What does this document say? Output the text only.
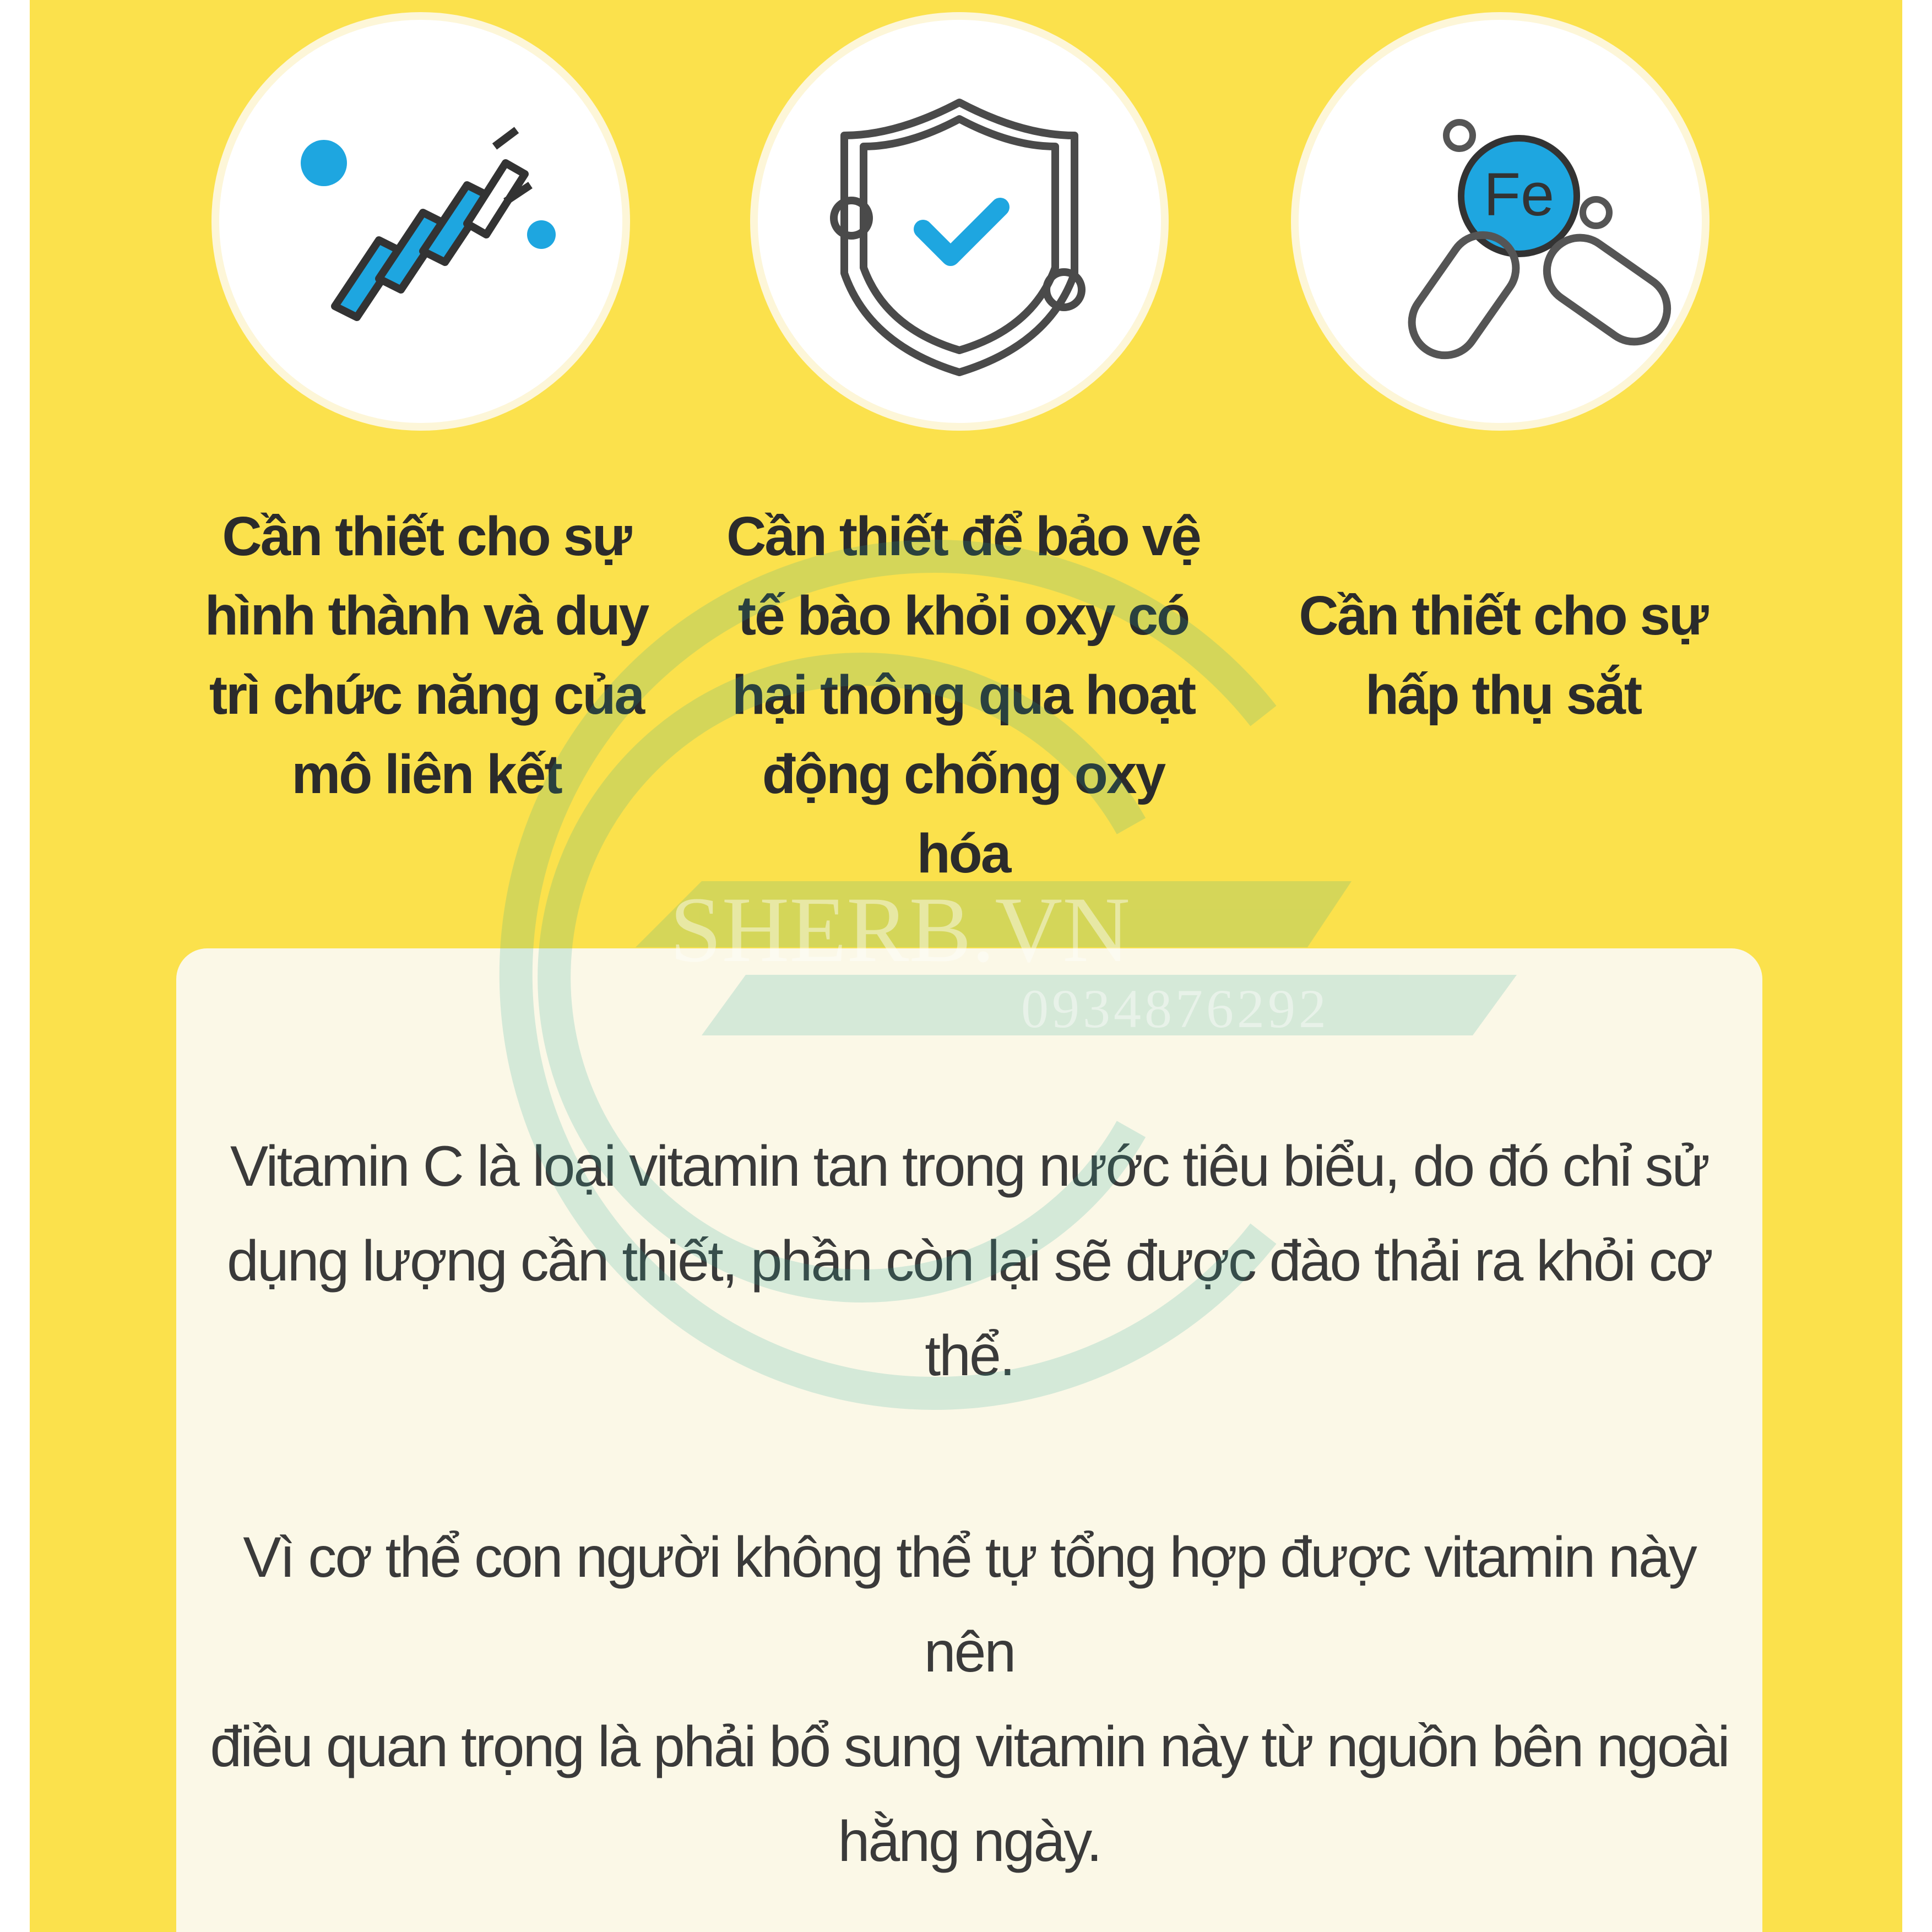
Cần thiết cho sự hình thành và duy trì chức năng của mô liên kết
Cần thiết để bảo vệ tế bào khỏi oxy có hại thông qua hoạt động chống oxy hóa
Fe
Cần thiết cho sự hấp thụ sắt
Vitamin C là loại vitamin tan trong nước tiêu biểu, do đó chỉ sử dụng lượng cần thiết, phần còn lại sẽ được đào thải ra khỏi cơ thể.
Vì cơ thể con người không thể tự tổng hợp được vitamin này nên
điều quan trọng là phải bổ sung vitamin này từ nguồn bên ngoài hằng ngày.
SHERB.VN
0934876292
